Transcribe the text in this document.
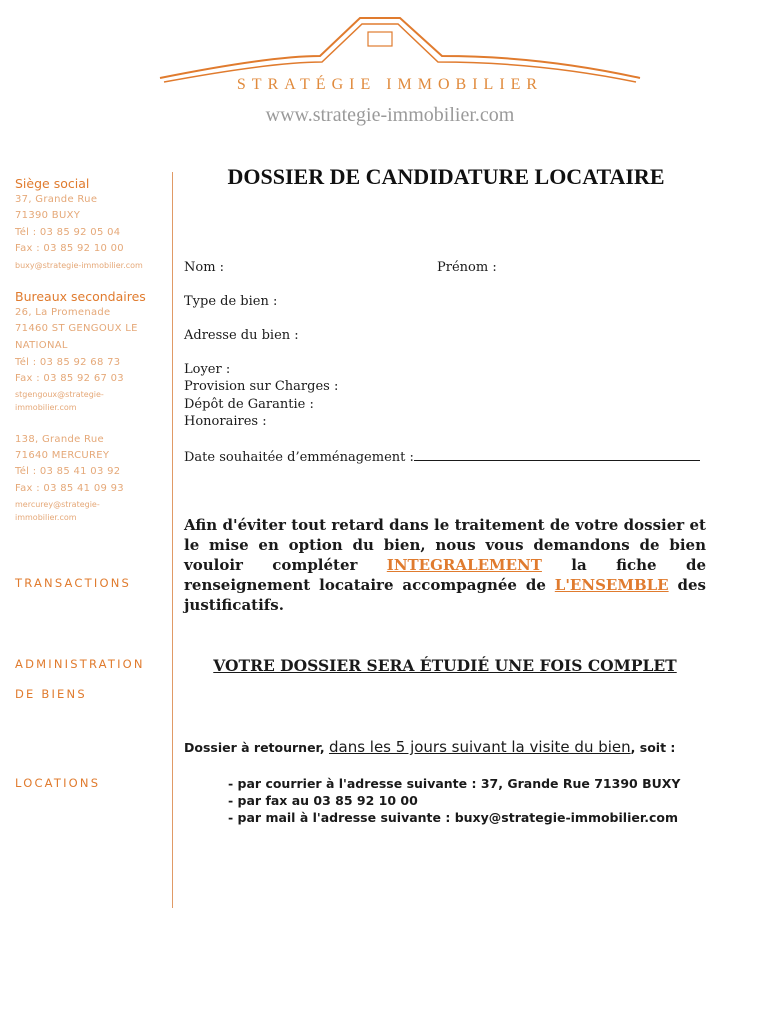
STRATÉGIE IMMOBILIER
www.strategie-immobilier.com
Siège social
37, Grande Rue
71390 BUXY
Tél : 03 85 92 05 04
Fax : 03 85 92 10 00
buxy@strategie-immobilier.com
Bureaux secondaires
26, La Promenade
71460 ST GENGOUX LE
NATIONAL
Tél : 03 85 92 68 73
Fax : 03 85 92 67 03
stgengoux@strategie-
immobilier.com
138, Grande Rue
71640 MERCUREY
Tél : 03 85 41 03 92
Fax : 03 85 41 09 93
mercurey@strategie-
immobilier.com
TRANSACTIONS
ADMINISTRATION
DE BIENS
LOCATIONS
DOSSIER DE CANDIDATURE LOCATAIRE
Nom :	Prénom :
Type de bien :
Adresse du bien :
Loyer :
Provision sur Charges :
Dépôt de Garantie :
Honoraires :
Date souhaitée d’emménagement :
Afin d'éviter tout retard dans le traitement de votre dossier et le mise en option du bien, nous vous demandons de bien vouloir compléter INTEGRALEMENT la fiche de renseignement locataire accompagnée de L'ENSEMBLE des justificatifs.
VOTRE DOSSIER SERA ÉTUDIÉ UNE FOIS COMPLET
Dossier à retourner, dans les 5 jours suivant la visite du bien, soit :
- par courrier à l'adresse suivante : 37, Grande Rue 71390 BUXY
- par fax au 03 85 92 10 00
- par mail à l'adresse suivante : buxy@strategie-immobilier.com
